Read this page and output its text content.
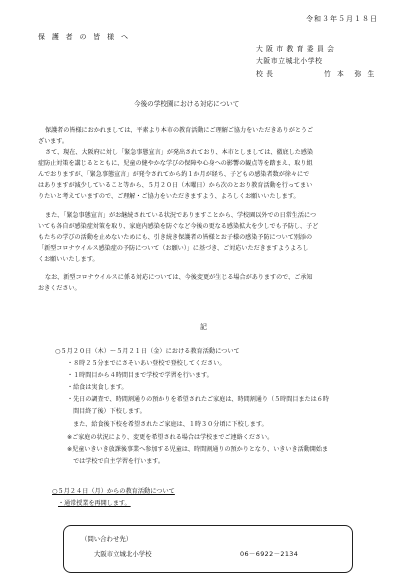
令和３年５月１８日
保 護 者 の 皆 様 へ
大 阪 市 教 育 委 員 会
大阪市立城北小学校
校 長	竹 本　弥 生
今後の学校園における対応について
保護者の皆様におかれましては、平素より本市の教育活動にご理解ご協力をいただきありがとうご
ざいます。
さて、現在、大阪府に対し「緊急事態宣言」が発出されており、本市としましては、徹底した感染
症防止対策を講じるとともに、児童の健やかな学びの保障や心身への影響の観点等を踏まえ、取り組
んでおりますが、「緊急事態宣言」が発令されてから約１か月が経ち、子どもの感染者数が徐々にで
はありますが減少していること等から、５月２０日（木曜日）から次のとおり教育活動を行ってまい
りたいと考えていますので、ご理解・ご協力をいただきますよう、よろしくお願いいたします。
また、「緊急事態宣言」がお継続されている状況でありますことから、学校園以外での日常生活につ
いても各自が感染症対策を取り、家庭内感染を防ぐなど今後の更なる感染拡大を少しでも予防し、子ど
もたちの学びの活動を止めないためにも、引き続き保護者の皆様とお子様の感染予防について別添の
「新型コロナウイルス感染症の予防について（お願い）」に基づき、ご対応いただきますようよろし
くお願いいたします。
なお、新型コロナウイルスに係る対応については、今後変更が生じる場合がありますので、ご承知
おきください。
記
○５月２０日（木）～５月２１日（金）における教育活動について
・８時２５分までにさそいあい登校で登校してください。
・１時間目から４時間目まで学校で学習を行います。
・給食は実食します。
・先日の調査で、時間割通りの預かりを希望されたご家庭は、時間割通り（５時間目または６時
　間目終了後）下校します。
　また、給食後下校を希望されたご家庭は、１時３０分頃に下校します。
※ご家庭の状況により、変更を希望される場合は学校までご連絡ください。
※児童いきいき放課後事業へ参加する児童は、時間割通りの預かりとなり、いきいき活動開始ま
　では学校で自主学習を行います。
○５月２４日（月）からの教育活動について
・通常授業を再開します。
（問い合わせ先）
大阪市立城北小学校	06－6922－2134
